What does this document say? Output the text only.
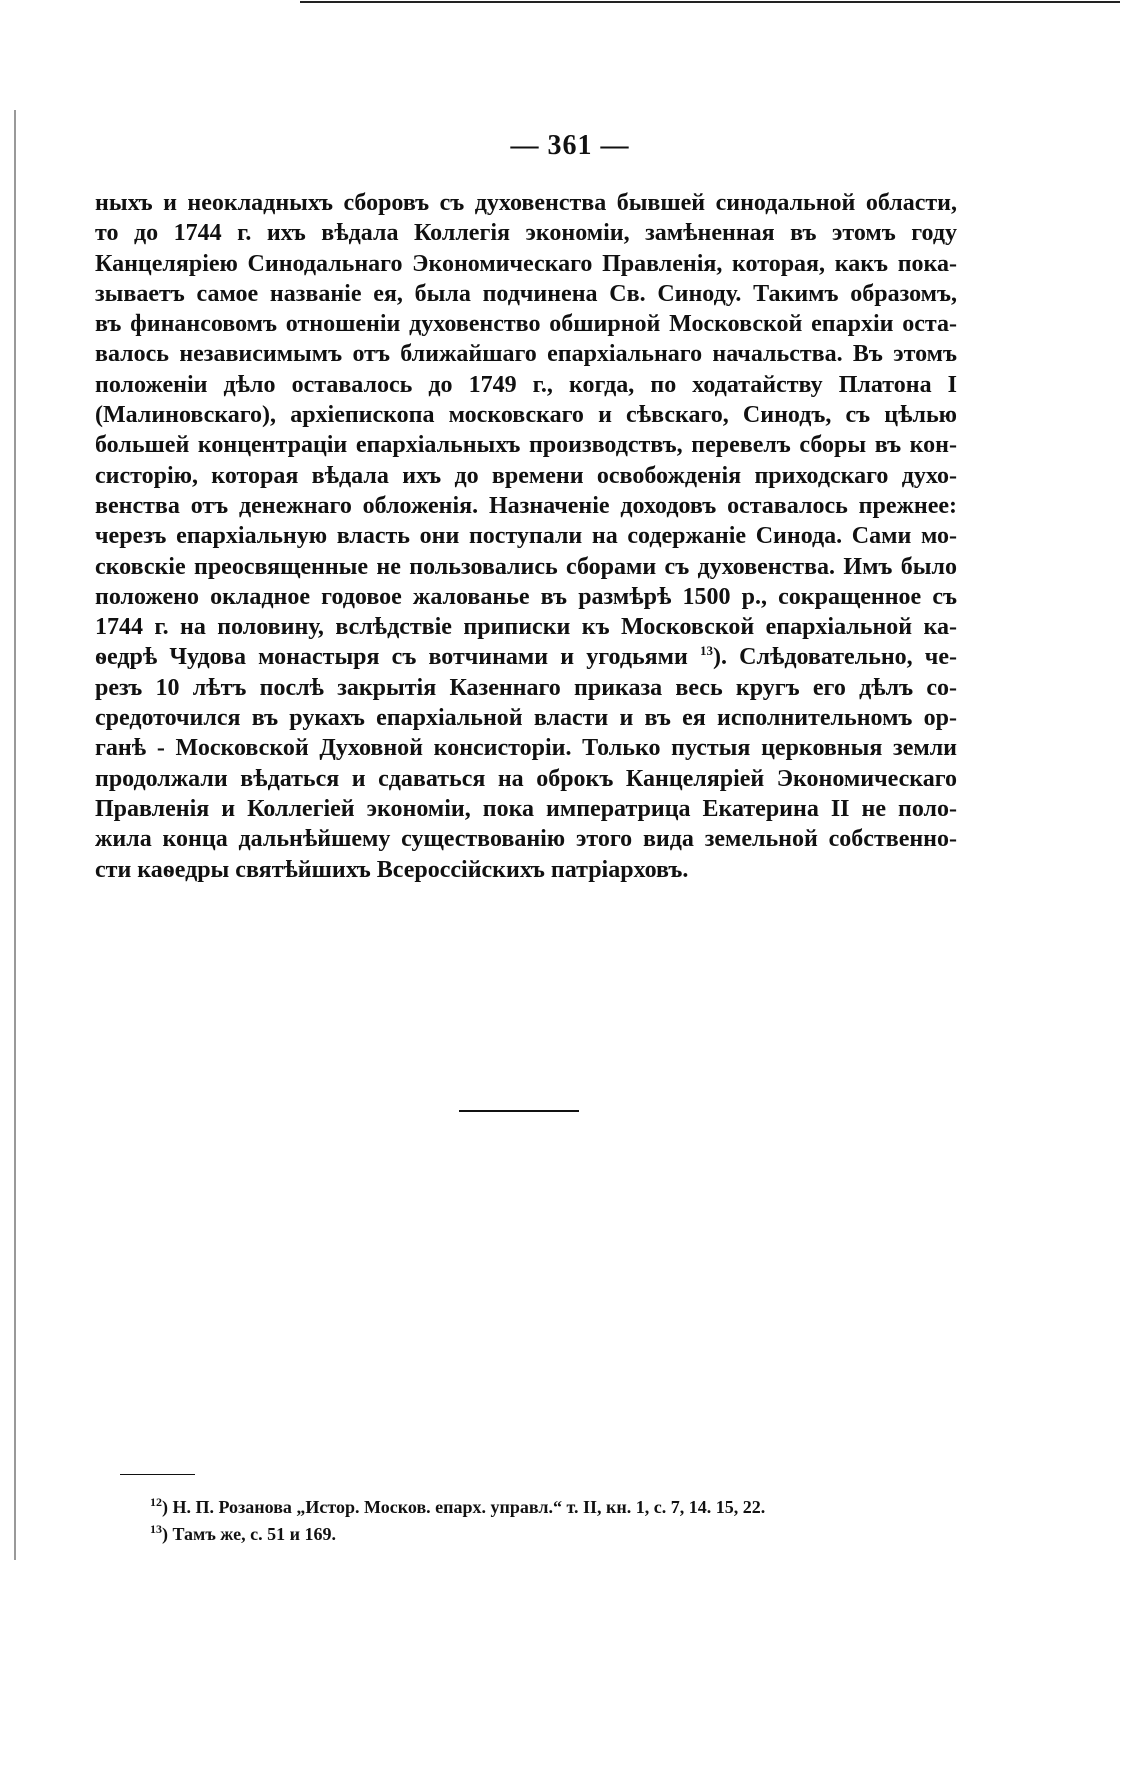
— 361 —
ныхъ и неокладныхъ сборовъ съ духовенства бывшей синодальной области,
то до 1744 г. ихъ вѣдала Коллегія экономіи, замѣненная въ этомъ году
Канцеляріею Синодальнаго Экономическаго Правленія, которая, какъ пока-
зываетъ самое названіе ея, была подчинена Св. Синоду. Такимъ образомъ,
въ финансовомъ отношеніи духовенство обширной Московской епархіи оста-
валось независимымъ отъ ближайшаго епархіальнаго начальства. Въ этомъ
положеніи дѣло оставалось до 1749 г., когда, по ходатайству Платона I
(Малиновскаго), архіепископа московскаго и сѣвскаго, Синодъ, съ цѣлью
большей концентраціи епархіальныхъ производствъ, перевелъ сборы въ кон-
систорію, которая вѣдала ихъ до времени освобожденія приходскаго духо-
венства отъ денежнаго обложенія. Назначеніе доходовъ оставалось прежнее:
черезъ епархіальную власть они поступали на содержаніе Синода. Сами мо-
сковскіе преосвященные не пользовались сборами съ духовенства. Имъ было
положено окладное годовое жалованье въ размѣрѣ 1500 р., сокращенное съ
1744 г. на половину, вслѣдствіе приписки къ Московской епархіальной ка-
ѳедрѣ Чудова монастыря съ вотчинами и угодьями $^{13}$). Слѣдовательно, че-
резъ 10 лѣтъ послѣ закрытія Казеннаго приказа весь кругъ его дѣлъ со-
средоточился въ рукахъ епархіальной власти и въ ея исполнительномъ ор-
ганѣ - Московской Духовной консисторіи. Только пустыя церковныя земли
продолжали вѣдаться и сдаваться на оброкъ Канцеляріей Экономическаго
Правленія и Коллегіей экономіи, пока императрица Екатерина II не поло-
жила конца дальнѣйшему существованію этого вида земельной собственно-
сти каѳедры святѣйшихъ Всероссійскихъ патріарховъ.
$^{12}$) Н. П. Розанова „Истор. Москов. епарх. управл.“ т. II, кн. 1, с. 7, 14. 15, 22.
$^{13}$) Тамъ же, с. 51 и 169.
